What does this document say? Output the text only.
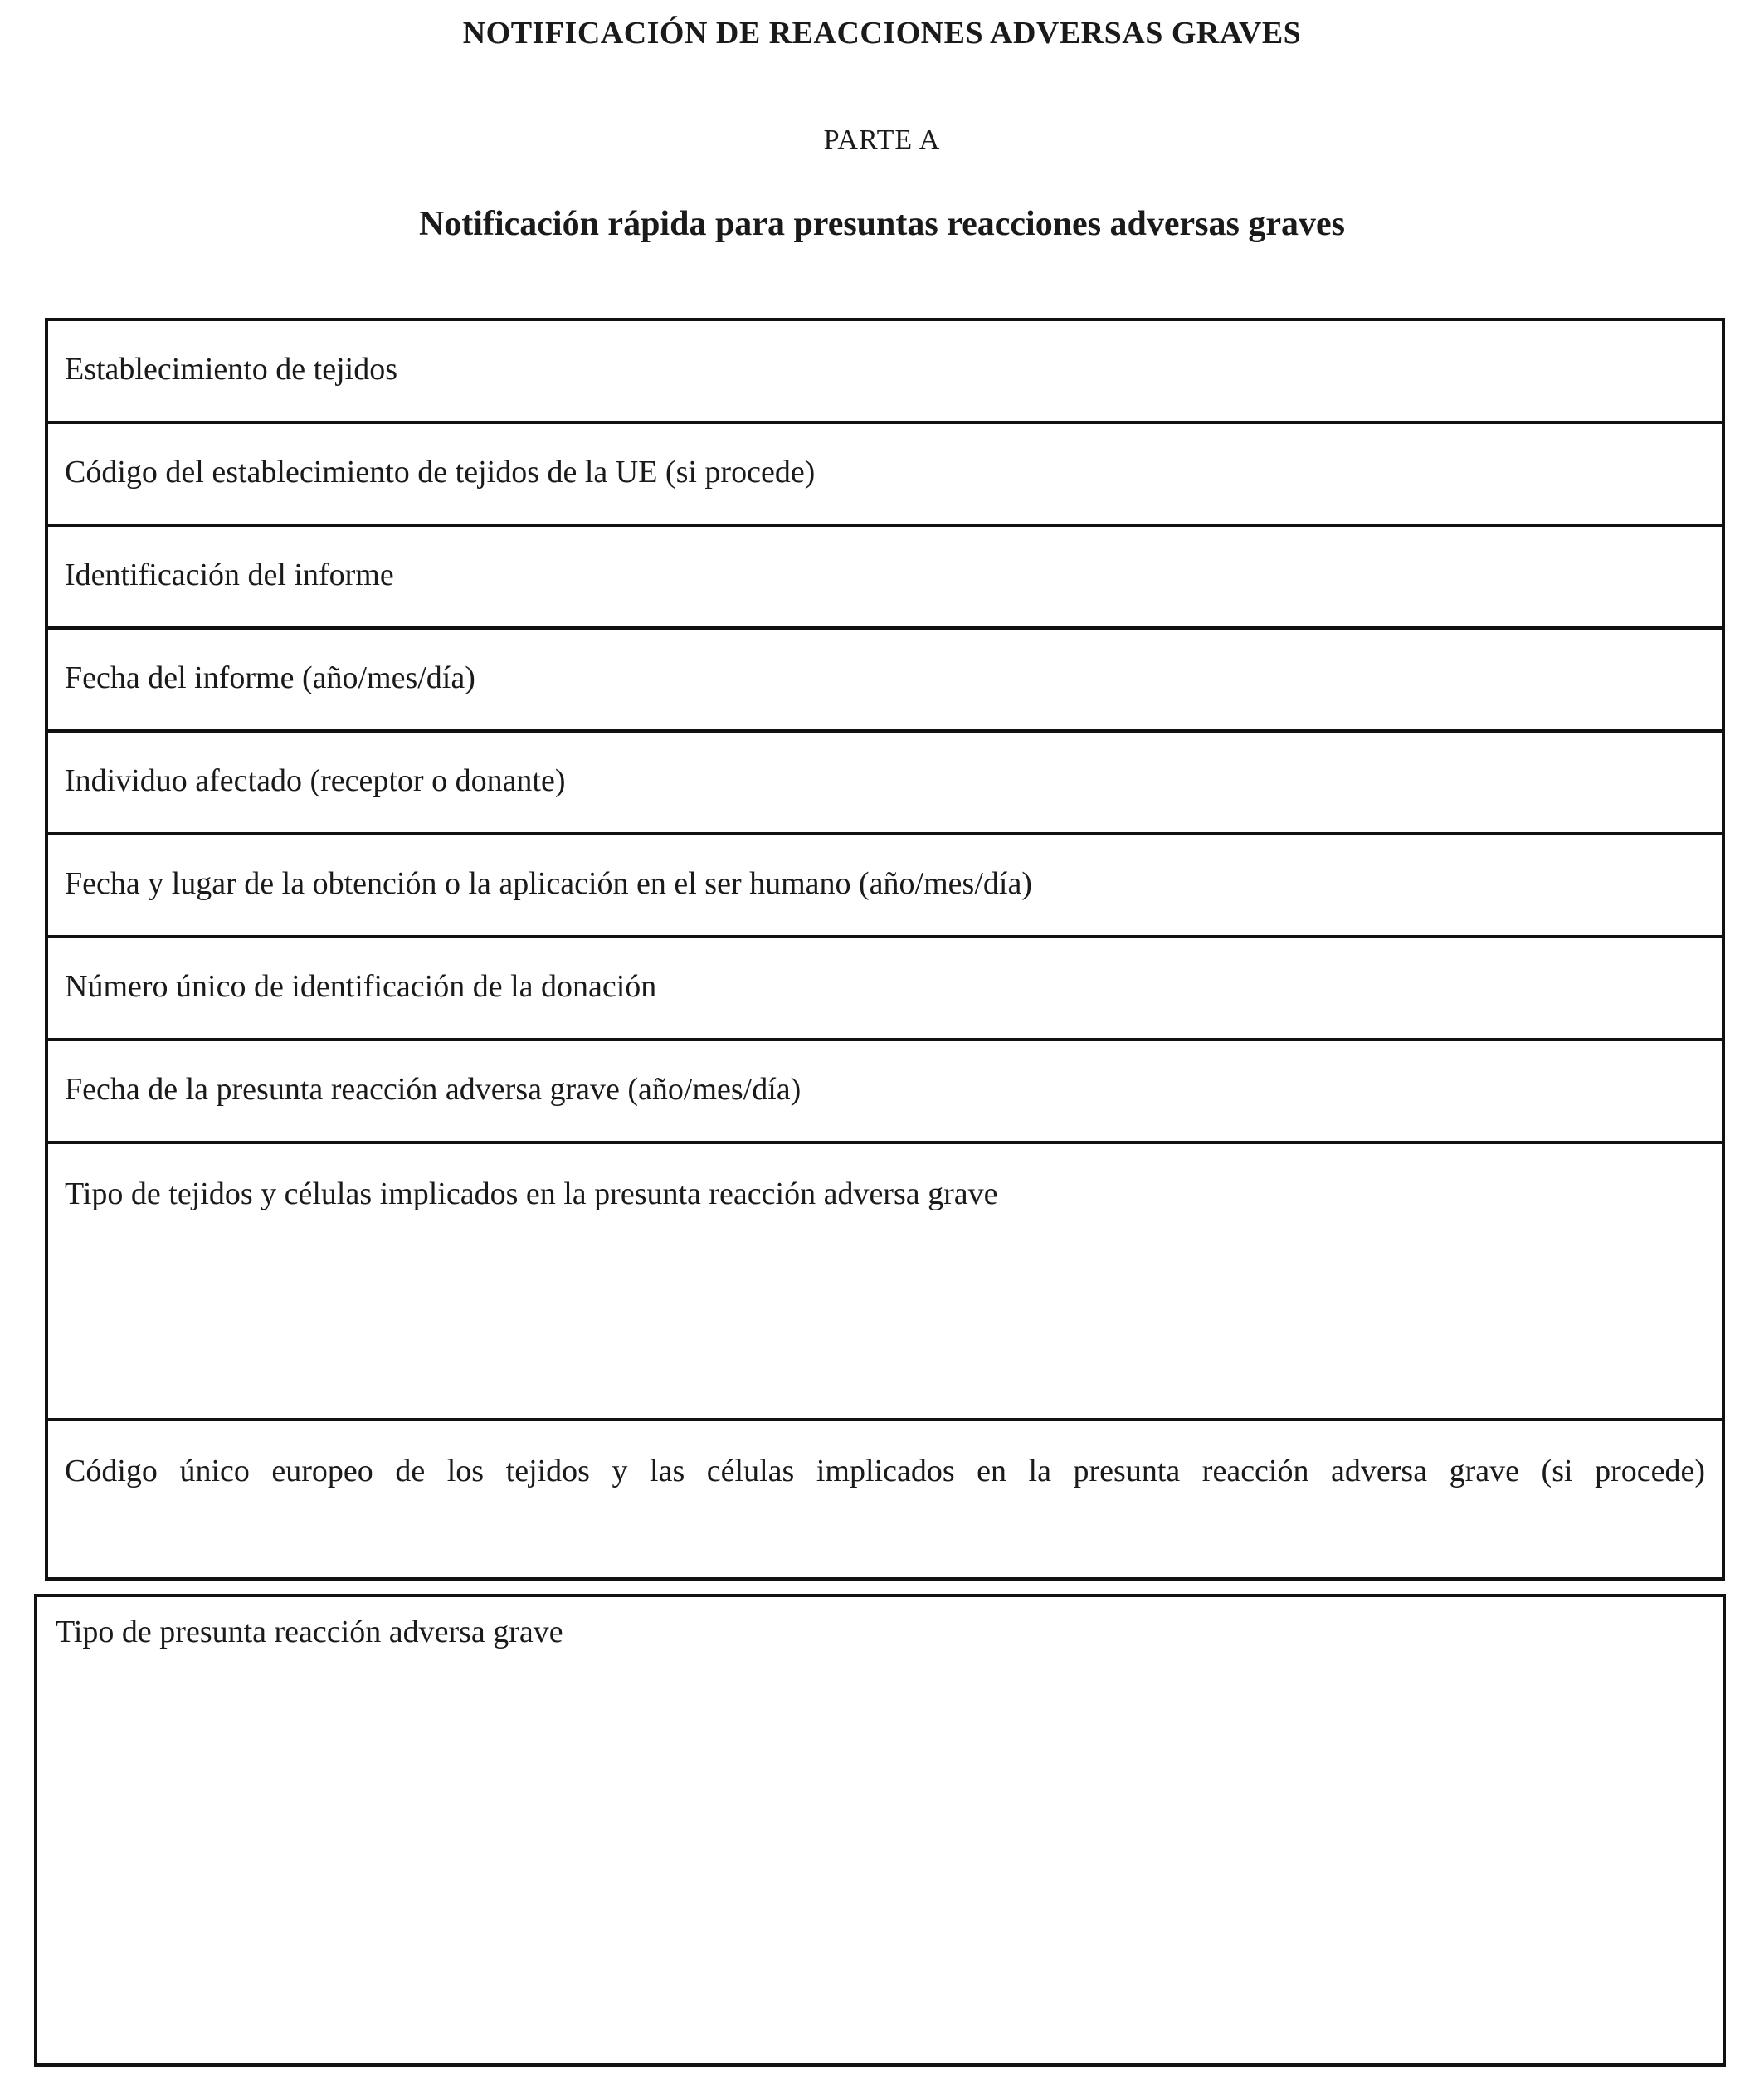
NOTIFICACIÓN DE REACCIONES ADVERSAS GRAVES
PARTE A
Notificación rápida para presuntas reacciones adversas graves
Establecimiento de tejidos
Código del establecimiento de tejidos de la UE (si procede)
Identificación del informe
Fecha del informe (año/mes/día)
Individuo afectado (receptor o donante)
Fecha y lugar de la obtención o la aplicación en el ser humano (año/mes/día)
Número único de identificación de la donación
Fecha de la presunta reacción adversa grave (año/mes/día)
Tipo de tejidos y células implicados en la presunta reacción adversa grave
Código único europeo de los tejidos y las células implicados en la presunta reacción adversa grave (si procede)
Tipo de presunta reacción adversa grave
